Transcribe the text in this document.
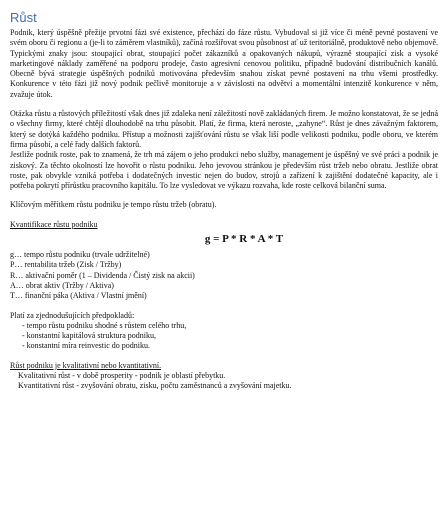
Růst

Podnik, který úspěšně přežije prvotní fázi své existence, přechází do fáze růstu. Vybudoval si již více či méně pevné postavení ve svém oboru či regionu a (je-li to záměrem vlastníků), začíná rozšiřovat svou působnost ať už teritoriálně, produktově nebo objemově. Typickými znaky jsou: stoupající obrat, stoupající počet zákazníků a opakovaných nákupů, výrazně stoupající zisk a vysoké marketingové náklady zaměřené na podporu prodeje, často agresivní cenovou politiku, případně budování distribučních kanálů. Obecně bývá strategie úspěšných podniků motivována především snahou získat pevné postavení na trhu všemi prostředky. Konkurence v této fázi již nový podnik pečlivě monitoruje a v závislosti na odvětví a momentální intenzitě konkurence v něm, zvažuje útok.

Otázka růstu a růstových příležitostí však dnes již zdaleka není záležitostí nově zakládaných firem. Je možno konstatovat, že se jedná o všechny firmy, které chtějí dlouhodobě na trhu působit. Platí, že firma, která neroste, „zahyne“. Růst je dnes závažným faktorem, který se dotýká každého podniku. Přístup a možnosti zajišťování růstu se však liší podle velikosti podniku, podle oboru, ve kterém firma působí, a celé řady dalších faktorů.

Jestliže podnik roste, pak to znamená, že trh má zájem o jeho produkci nebo služby, management je úspěšný ve své práci a podnik je ziskový. Za těchto okolností lze hovořit o růstu podniku. Jeho jevovou stránkou je především růst tržeb nebo obratu. Jestliže obrat roste, pak obvykle vzniká potřeba i dodatečných investic nejen do budov, strojů a zařízení k zajištění dodatečné kapacity, ale i potřeba pokrytí přírůstku pracovního kapitálu. To lze vysledovat ve výkazu rozvaha, kde roste celková bilanční suma.

Klíčovým měřítkem růstu podniku je tempo růstu tržeb (obratu).

Kvantifikace růstu podniku

g = P * R * A * T
g… tempo růstu podniku (trvale udržitelné)
P… rentabilita tržeb (Zisk / Tržby)
R… aktivační poměr (1 – Dividenda / Čistý zisk na akcii)
A… obrat aktiv (Tržby / Aktiva)
T… finanční páka (Aktiva / Vlastní jmění)

Platí za zjednodušujících předpokladů:

- tempo růstu podniku shodné s růstem celého trhu,
- konstantní kapitálová struktura podniku,
- konstantní míra reinvestic do podniku.

Růst podniku je kvalitativní nebo kvantitativní.

Kvalitativní růst - v době prosperity - podnik je oblastí přebytku.

Kvantitativní růst - zvyšování obratu, zisku, počtu zaměstnanců a zvyšování majetku.
